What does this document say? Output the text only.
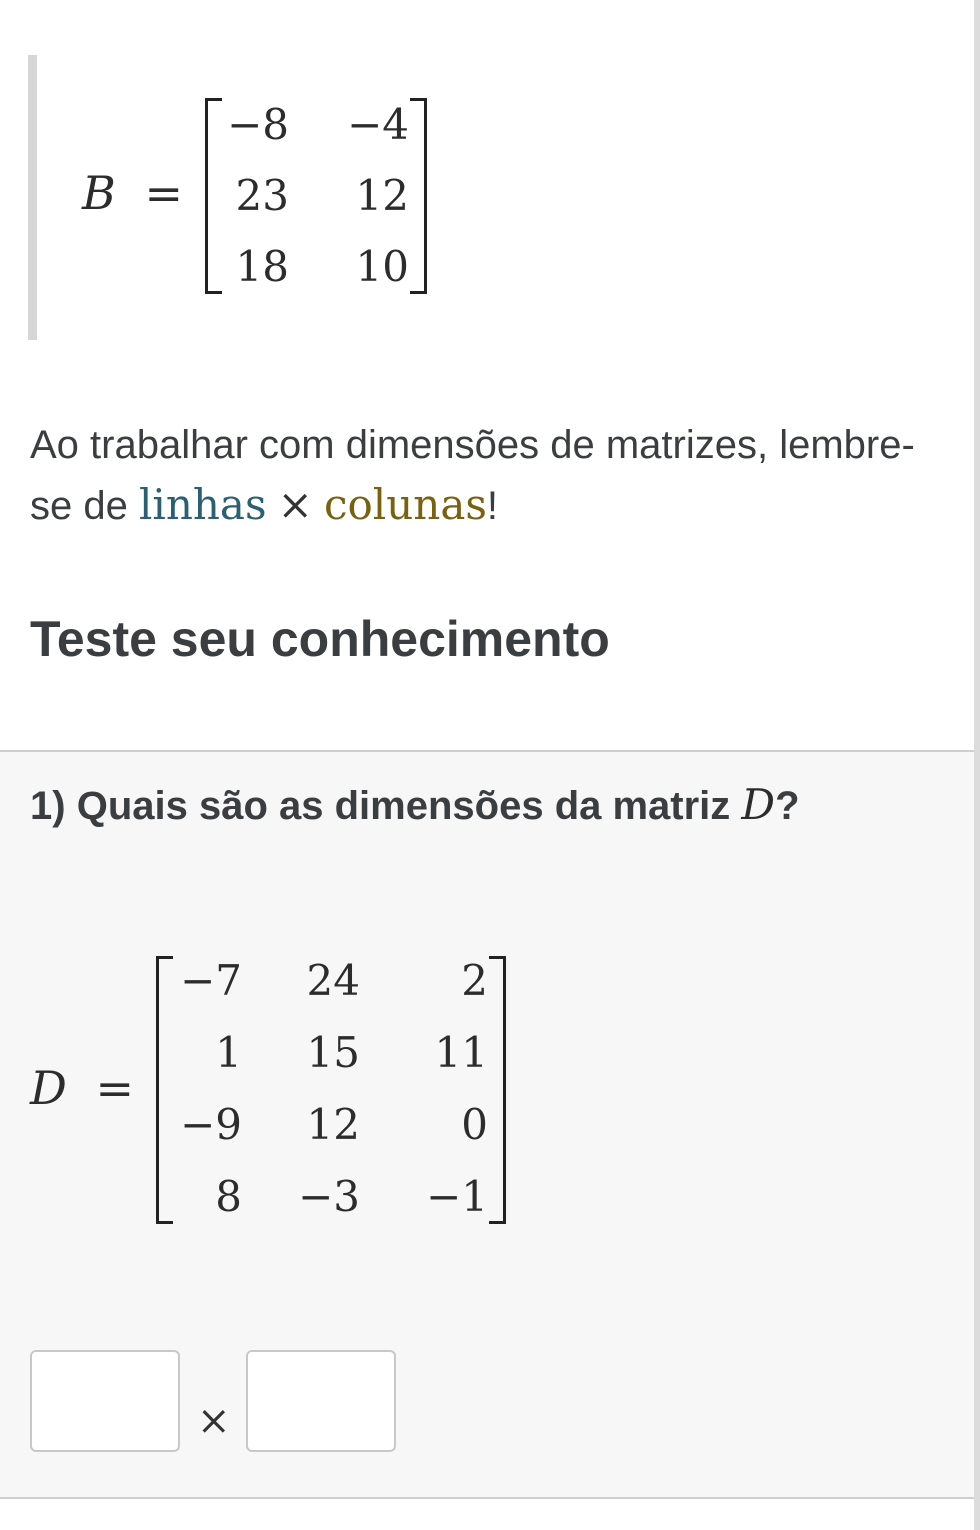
B =
−8 −4
23 12
18 10
Ao trabalhar com dimensões de matrizes, lembre-se de linhas × colunas!
Teste seu conhecimento
1) Quais são as dimensões da matriz D?
D =
−7 24 2
1 15 11
−9 12 0
8 −3 −1
×
